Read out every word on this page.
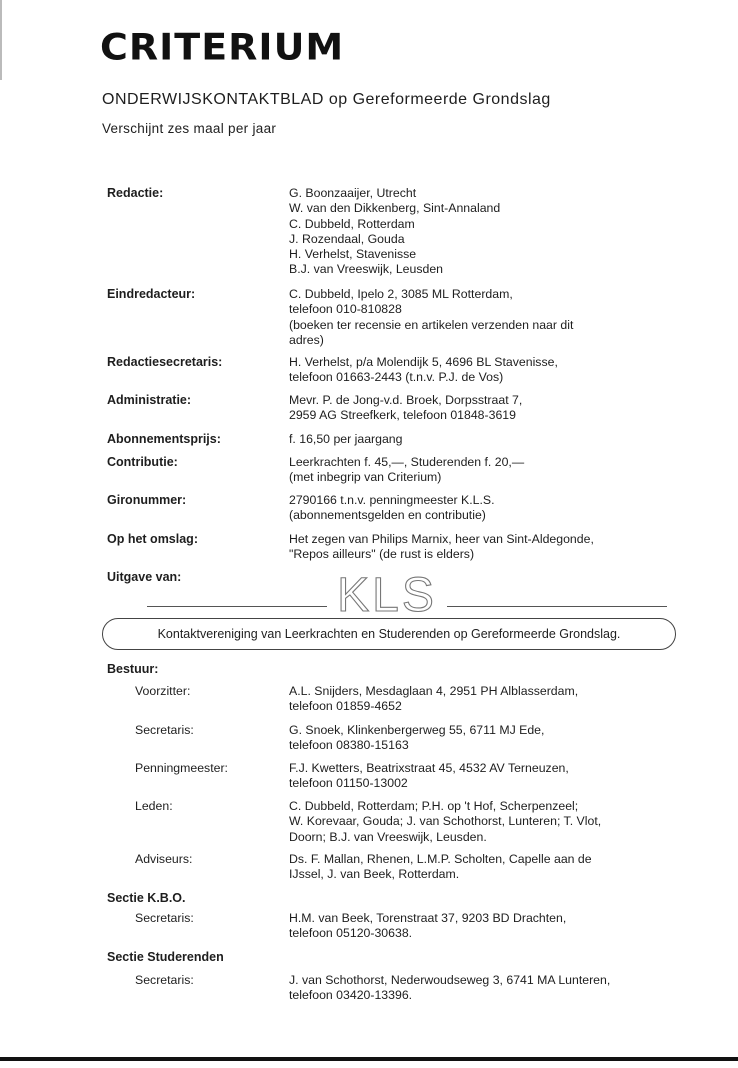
CRITERIUM
ONDERWIJSKONTAKTBLAD op Gereformeerde Grondslag
Verschijnt zes maal per jaar
Redactie:	G. Boonzaaijer, Utrecht
W. van den Dikkenberg, Sint-Annaland
C. Dubbeld, Rotterdam
J. Rozendaal, Gouda
H. Verhelst, Stavenisse
B.J. van Vreeswijk, Leusden
Eindredacteur:	C. Dubbeld, Ipelo 2, 3085 ML Rotterdam,
telefoon 010-810828
(boeken ter recensie en artikelen verzenden naar dit
adres)
Redactiesecretaris:	H. Verhelst, p/a Molendijk 5, 4696 BL Stavenisse,
telefoon 01663-2443 (t.n.v. P.J. de Vos)
Administratie:	Mevr. P. de Jong-v.d. Broek, Dorpsstraat 7,
2959 AG Streefkerk, telefoon 01848-3619
Abonnementsprijs:	f. 16,50 per jaargang
Contributie:	Leerkrachten f. 45,—, Studerenden f. 20,—
(met inbegrip van Criterium)
Gironummer:	2790166 t.n.v. penningmeester K.L.S.
(abonnementsgelden en contributie)
Op het omslag:	Het zegen van Philips Marnix, heer van Sint-Aldegonde,
"Repos ailleurs" (de rust is elders)
Uitgave van:	KLS
Kontaktvereniging van Leerkrachten en Studerenden op Gereformeerde Grondslag.
Bestuur:
Voorzitter:	A.L. Snijders, Mesdaglaan 4, 2951 PH Alblasserdam,
telefoon 01859-4652
Secretaris:	G. Snoek, Klinkenbergerweg 55, 6711 MJ Ede,
telefoon 08380-15163
Penningmeester:	F.J. Kwetters, Beatrixstraat 45, 4532 AV Terneuzen,
telefoon 01150-13002
Leden:	C. Dubbeld, Rotterdam; P.H. op 't Hof, Scherpenzeel;
W. Korevaar, Gouda; J. van Schothorst, Lunteren; T. Vlot,
Doorn; B.J. van Vreeswijk, Leusden.
Adviseurs:	Ds. F. Mallan, Rhenen, L.M.P. Scholten, Capelle aan de
IJssel, J. van Beek, Rotterdam.
Sectie K.B.O.
Secretaris:	H.M. van Beek, Torenstraat 37, 9203 BD Drachten,
telefoon 05120-30638.
Sectie Studerenden
Secretaris:	J. van Schothorst, Nederwoudseweg 3, 6741 MA Lunteren,
telefoon 03420-13396.
